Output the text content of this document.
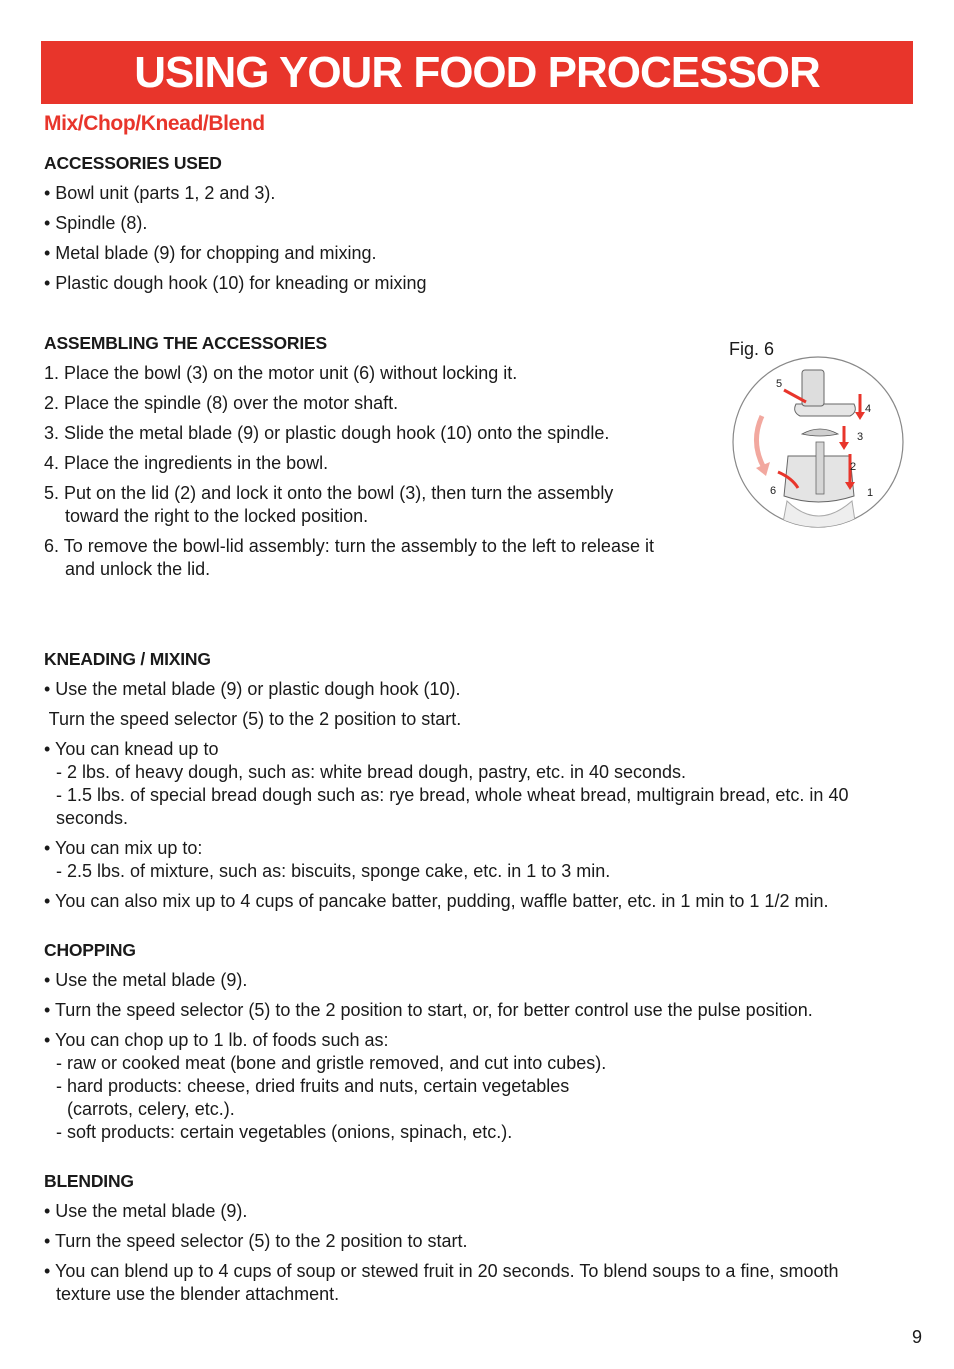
USING YOUR FOOD PROCESSOR
Mix/Chop/Knead/Blend

ACCESSORIES USED

• Bowl unit (parts 1, 2 and 3).

• Spindle (8).

• Metal blade (9) for chopping and mixing.

• Plastic dough hook (10) for kneading or mixing

ASSEMBLING THE ACCESSORIES

1. Place the bowl (3) on the motor unit (6) without locking it.

2. Place the spindle (8) over the motor shaft.

3. Slide the metal blade (9) or plastic dough hook (10) onto the spindle.

4. Place the ingredients in the bowl.

5. Put on the lid (2) and lock it onto the bowl (3), then turn the assembly

toward the right to the locked position.

6. To remove the bowl-lid assembly: turn the assembly to the left to release it

and unlock the lid.

KNEADING / MIXING

• Use the metal blade (9) or plastic dough hook (10).

Turn the speed selector (5) to the 2 position to start.

• You can knead up to

- 2 lbs. of heavy dough, such as: white bread dough, pastry, etc. in 40 seconds.

- 1.5 lbs. of special bread dough such as: rye bread, whole wheat bread, multigrain bread, etc. in 40

seconds.

• You can mix up to:

- 2.5 lbs. of mixture, such as: biscuits, sponge cake, etc. in 1 to 3 min.

• You can also mix up to 4 cups of pancake batter, pudding, waffle batter, etc. in 1 min to 1 1/2 min.

CHOPPING

• Use the metal blade (9).

• Turn the speed selector (5) to the 2 position to start, or, for better control use the pulse position.

• You can chop up to 1 lb. of foods such as:

- raw or cooked meat (bone and gristle removed, and cut into cubes).

- hard products: cheese, dried fruits and nuts, certain vegetables

(carrots, celery, etc.).

- soft products: certain vegetables (onions, spinach, etc.).

BLENDING

• Use the metal blade (9).

• Turn the speed selector (5) to the 2 position to start.

• You can blend up to 4 cups of soup or stewed fruit in 20 seconds. To blend soups to a fine, smooth

texture use the blender attachment.

Fig. 6
5
4
3
2
6	1
9
